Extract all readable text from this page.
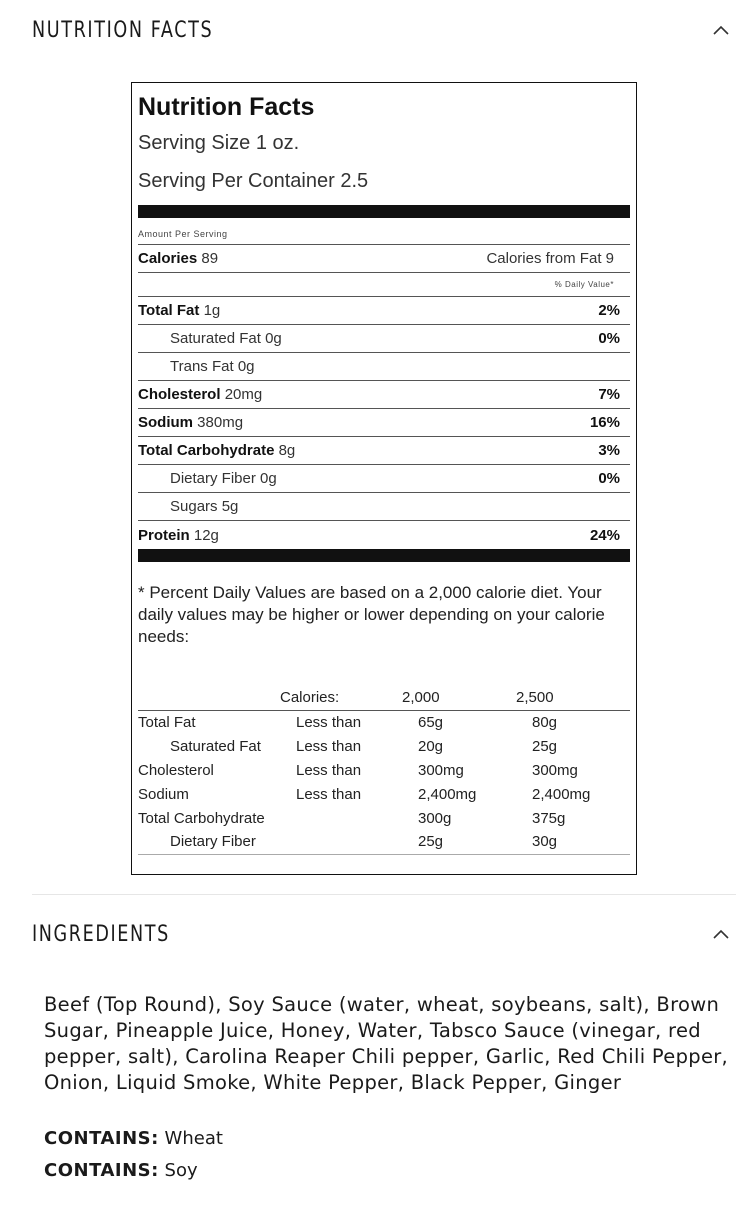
NUTRITION FACTS
Nutrition Facts
Serving Size 1 oz.
Serving Per Container 2.5
Amount Per Serving
Calories 89	Calories from Fat 9
% Daily Value*
Total Fat 1g	2%
Saturated Fat 0g	0%
Trans Fat 0g
Cholesterol 20mg	7%
Sodium 380mg	16%
Total Carbohydrate 8g	3%
Dietary Fiber 0g	0%
Sugars 5g
Protein 12g	24%
* Percent Daily Values are based on a 2,000 calorie diet. Your daily values may be higher or lower depending on your calorie needs:
	Calories:	2,000	2,500
Total Fat	Less than	65g	80g
Saturated Fat	Less than	20g	25g
Cholesterol	Less than	300mg	300mg
Sodium	Less than	2,400mg	2,400mg
Total Carbohydrate		300g	375g
Dietary Fiber		25g	30g
INGREDIENTS
Beef (Top Round), Soy Sauce (water, wheat, soybeans, salt), Brown Sugar, Pineapple Juice, Honey, Water, Tabsco Sauce (vinegar, red pepper, salt), Carolina Reaper Chili pepper, Garlic, Red Chili Pepper, Onion, Liquid Smoke, White Pepper, Black Pepper, Ginger
CONTAINS: Wheat
CONTAINS: Soy
